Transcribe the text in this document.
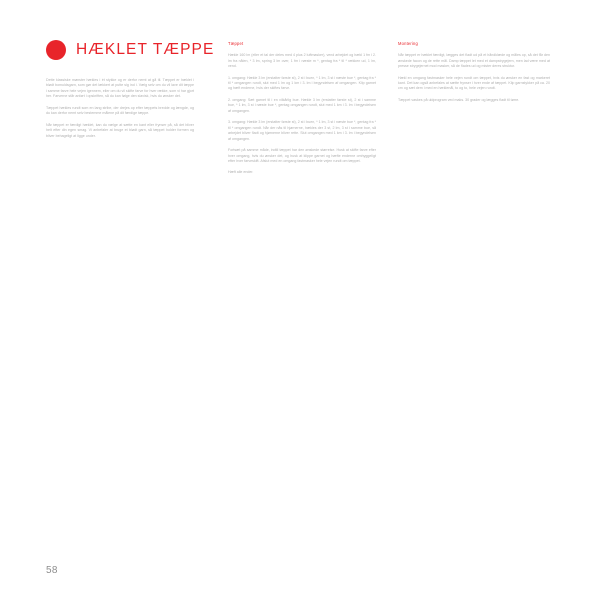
HÆKLET TÆPPE

Dette klassiske mønster hækles i ét stykke og er derfor nemt at gå til. Tæppet er hæklet i blødt bomuldsgarn, som gør det lækkert at putte sig ind i. Vælg selv om du vil lave dit tæppe i samme farve hele vejen igennem, eller om du vil skifte farve for hver række, som vi har gjort her. Farverne står anført i opskriften, så du kan følge den slavisk, hvis du ønsker det.

Tæppet hækles rundt som en lang stribe, der drejes op efter tæppets bredde og længde, og du kan derfor nemt selv bestemme målene på dit færdige tæppe.

Når tæppet er færdigt hæklet, kan du vælge at sætte en kant eller frynser på, så det bliver helt efter din egen smag. Vi anbefaler at bruge et blødt garn, så tæppet holder formen og bliver behageligt at ligge under.

Tæppet

Hækle 160 lm (eller et tal der deles med 4 plus 2 luftmasker), vend arbejdet og hækl 1 fm i 2. lm fra nålen, * 3 lm, spring 3 lm over, 1 fm i næste m *, gentag fra * til * rækken ud, 1 lm, vend.

1. omgang: Hækle 3 lm (erstatter første st), 2 st i buen, * 1 lm, 3 st i næste bue *, gentag fra * til * omgangen rundt, slut med 1 lm og 1 km i 3. lm i begyndelsen af omgangen. Klip garnet og hæft enderne, hvis der skiftes farve.

2. omgang: Sæt garnet til i en vilkårlig bue. Hækle 3 lm (erstatter første st), 2 st i samme bue, * 1 lm, 3 st i næste bue *, gentag omgangen rundt, slut med 1 km i 3. lm i begyndelsen af omgangen.

3. omgang: Hækle 3 lm (erstatter første st), 2 st i buen, * 1 lm, 3 st i næste bue *, gentag fra * til * omgangen rundt. Når der nås til hjørnerne, hækles der 3 st, 2 lm, 3 st i samme bue, så arbejdet bliver fladt og hjørnerne bliver rette. Slut omgangen med 1 km i 3. lm i begyndelsen af omgangen.

Fortsæt på samme måde, indtil tæppet har den ønskede størrelse. Husk at skifte farve efter hver omgang, hvis du ønsker det, og husk at klippe garnet og hæfte enderne omhyggeligt efter hver farveskift. Afslut med en omgang fastmasker hele vejen rundt om tæppet.

Hæft alle ender.

Montering

Når tæppet er hæklet færdigt, lægges det fladt ud på et håndklæde og måles op, så det får den ønskede facon og de rette mål. Damp tæppet let med et dampstrygejern, men lad være med at presse strygejernet mod masker, så de flades ud og mister deres struktur.

Hækl en omgang fastmasker hele vejen rundt om tæppet, hvis du ønsker en fast og markeret kant. Det kan også anbefales at sætte frynser i hver ende af tæppet. Klip garnstykker på ca. 20 cm og sæt dem i med en hæklenål, to og to, hele vejen rundt.

Tæppet vaskes på uldprogram ved maks. 30 grader og lægges fladt til tørre.

58
